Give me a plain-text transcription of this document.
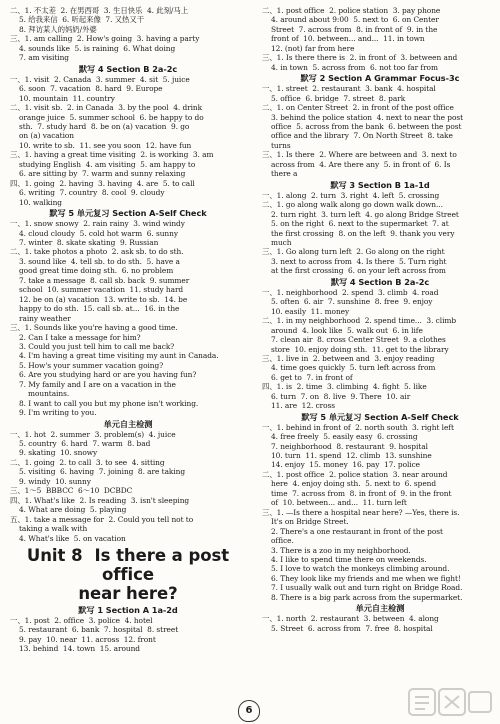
二、1. 不太差  2. 在男西哥  3. 生日快乐  4. 此刻/马上
5. 给我来信  6. 听起来像  7. 又热又干
8. 拜访某人的妈奶/外婆
三、1. am calling  2. How's going  3. having a party
4. sounds like  5. is raining  6. What doing
7. am visiting
默写 4 Section B 2a-2c
一、1. visit  2. Canada  3. summer  4. sit  5. juice
6. soon  7. vacation  8. hard  9. Europe
10. mountain  11. country
二、1. visit sb.  2. in Canada  3. by the pool  4. drink
orange juice  5. summer school  6. be happy to do
sth.  7. study hard  8. be on (a) vacation  9. go
on (a) vacation
10. write to sb.  11. see you soon  12. have fun
三、1. having a great time visiting  2. is working  3. am
studying English  4. am visiting  5. am happy to
6. are sitting by  7. warm and sunny relaxing
四、1. going  2. having  3. having  4. are  5. to call
6. writing  7. country  8. cool  9. cloudy
10. walking
默写 5 单元复习 Section A-Self Check
一、1. snow snowy  2. rain rainy  3. wind windy
4. cloud cloudy  5. cold hot warm  6. sunny
7. winter  8. skate skating  9. Russian
二、1. take photos a photo  2. ask sb. to do sth.
3. sound like  4. tell sb. to do sth.  5. have a
good great time doing sth.  6. no problem
7. take a message  8. call sb. back  9. summer
school  10. summer vacation  11. study hard
12. be on (a) vacation  13. write to sb.  14. be
happy to do sth.  15. call sb. at...  16. in the
rainy weather
三、1. Sounds like you're having a good time.
2. Can I take a message for him?
3. Could you just tell him to call me back?
4. I'm having a great time visiting my aunt in Canada.
5. How's your summer vacation going?
6. Are you studying hard or are you having fun?
7. My family and I are on a vacation in the
mountains.
8. I want to call you but my phone isn't working.
9. I'm writing to you.
单元自主检测
一、1. hot  2. summer  3. problem(s)  4. juice
5. country  6. hard  7. warm  8. bad
9. skating  10. snowy
二、1. going  2. to call  3. to see  4. sitting
5. visiting  6. having  7. joining  8. are taking
9. windy  10. sunny
三、1～5  BBBCC  6～10  DCBDC
四、1. What's like  2. Is reading  3. isn't sleeping
4. What are doing  5. playing
五、1. take a message for  2. Could you tell not to
taking a walk with
4. What's like  5. on vacation
Unit 8 Is there a post office
near here?
默写 1 Section A 1a-2d
一、1. post  2. office  3. police  4. hotel
5. restaurant  6. bank  7. hospital  8. street
9. pay  10. near  11. across  12. front
13. behind  14. town  15. around
二、1. post office  2. police station  3. pay phone
4. around about 9:00  5. next to  6. on Center
Street  7. across from  8. in front of  9. in the
front of  10. between... and...  11. in town
12. (not) far from here
三、1. Is there there is  2. in front of  3. between and
4. in town  5. across from  6. not too far from
默写 2 Section A Grammar Focus-3c
一、1. street  2. restaurant  3. bank  4. hospital
5. office  6. bridge  7. street  8. park
二、1. on Center Street  2. in front of the post office
3. behind the police station  4. next to near the post
office  5. across from the bank  6. between the post
office and the library  7. On North Street  8. take
turns
三、1. Is there  2. Where are between and  3. next to
across from  4. Are there any  5. in front of  6. Is
there a
默写 3 Section B 1a-1d
一、1. along  2. turn  3. right  4. left  5. crossing
二、1. go along walk along go down walk down...
2. turn right  3. turn left  4. go along Bridge Street
5. on the right  6. next to the supermarket  7. at
the first crossing  8. on the left  9. thank you very
much
三、1. Go along turn left  2. Go along on the right
3. next to across from  4. Is there  5. Turn right
at the first crossing  6. on your left across from
默写 4 Section B 2a-2c
一、1. neighborhood  2. spend  3. climb  4. road
5. often  6. air  7. sunshine  8. free  9. enjoy
10. easily  11. money
二、1. in my neighborhood  2. spend time...  3. climb
around  4. look like  5. walk out  6. in life
7. clean air  8. cross Center Street  9. a clothes
store  10. enjoy doing sth.  11. get to the library
三、1. live in  2. between and  3. enjoy reading
4. time goes quickly  5. turn left across from
6. get to  7. in front of
四、1. is  2. time  3. climbing  4. fight  5. like
6. turn  7. on  8. live  9. There  10. air
11. are  12. cross
默写 5 单元复习 Section A-Self Check
一、1. behind in front of  2. north south  3. right left
4. free freely  5. easily easy  6. crossing
7. neighborhood  8. restaurant  9. hospital
10. turn  11. spend  12. climb  13. sunshine
14. enjoy  15. money  16. pay  17. police
二、1. post office  2. police station  3. near around
here  4. enjoy doing sth.  5. next to  6. spend
time  7. across from  8. in front of  9. in the front
of  10. between... and...  11. turn left
三、1. —Is there a hospital near here? —Yes, there is.
It's on Bridge Street.
2. There's a one restaurant in front of the post
office.
3. There is a zoo in my neighborhood.
4. I like to spend time there on weekends.
5. I love to watch the monkeys climbing around.
6. They look like my friends and me when we fight!
7. I usually walk out and turn right on Bridge Road.
8. There is a big park across from the supermarket.
单元自主检测
一、1. north  2. restaurant  3. between  4. along
5. Street  6. across from  7. free  8. hospital
6
